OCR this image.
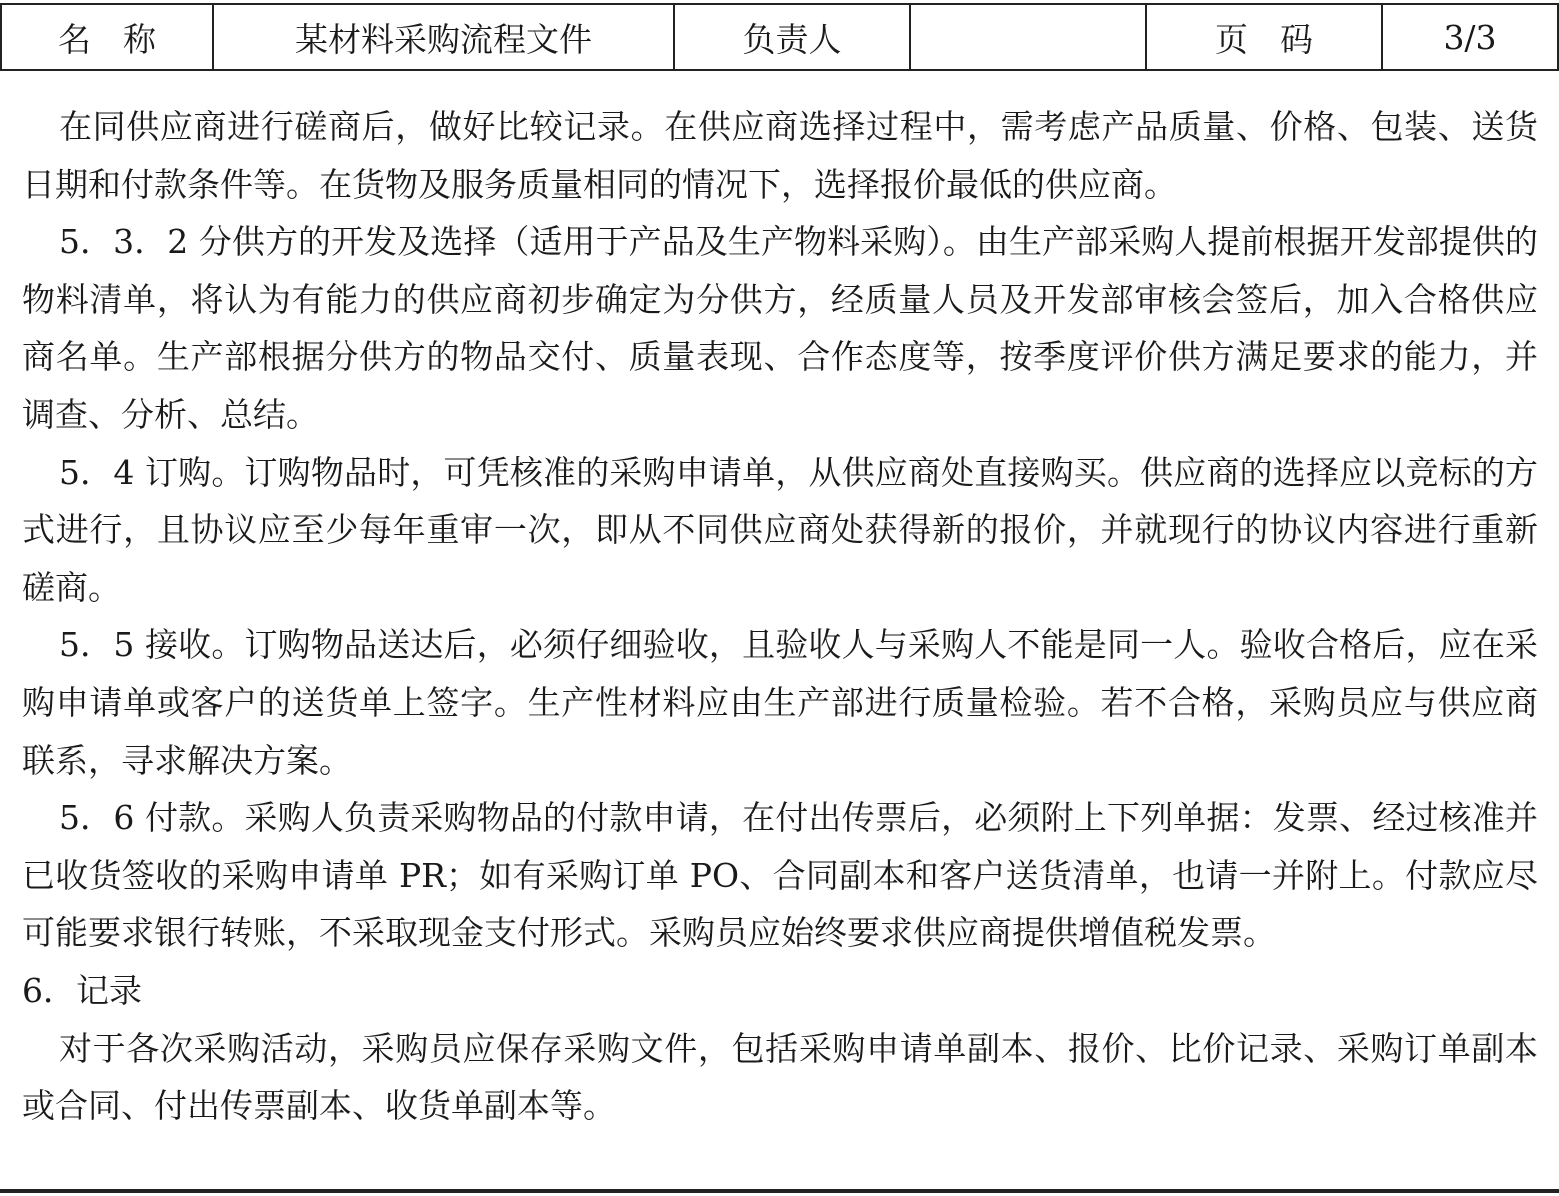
名称	某材料采购流程文件	负责人		页码	3/3

在同供应商进行磋商后，做好比较记录。在供应商选择过程中，需考虑产品质量、价格、包装、送货日期和付款条件等。在货物及服务质量相同的情况下，选择报价最低的供应商。

5．3．2 分供方的开发及选择（适用于产品及生产物料采购）。由生产部采购人提前根据开发部提供的物料清单，将认为有能力的供应商初步确定为分供方，经质量人员及开发部审核会签后，加入合格供应商名单。生产部根据分供方的物品交付、质量表现、合作态度等，按季度评价供方满足要求的能力，并调查、分析、总结。

5．4 订购。订购物品时，可凭核准的采购申请单，从供应商处直接购买。供应商的选择应以竞标的方式进行，且协议应至少每年重审一次，即从不同供应商处获得新的报价，并就现行的协议内容进行重新磋商。

5．5 接收。订购物品送达后，必须仔细验收，且验收人与采购人不能是同一人。验收合格后，应在采购申请单或客户的送货单上签字。生产性材料应由生产部进行质量检验。若不合格，采购员应与供应商联系，寻求解决方案。

5．6 付款。采购人负责采购物品的付款申请，在付出传票后，必须附上下列单据：发票、经过核准并已收货签收的采购申请单 PR；如有采购订单 PO、合同副本和客户送货清单，也请一并附上。付款应尽可能要求银行转账，不采取现金支付形式。采购员应始终要求供应商提供增值税发票。

6．记录

对于各次采购活动，采购员应保存采购文件，包括采购申请单副本、报价、比价记录、采购订单副本或合同、付出传票副本、收货单副本等。
